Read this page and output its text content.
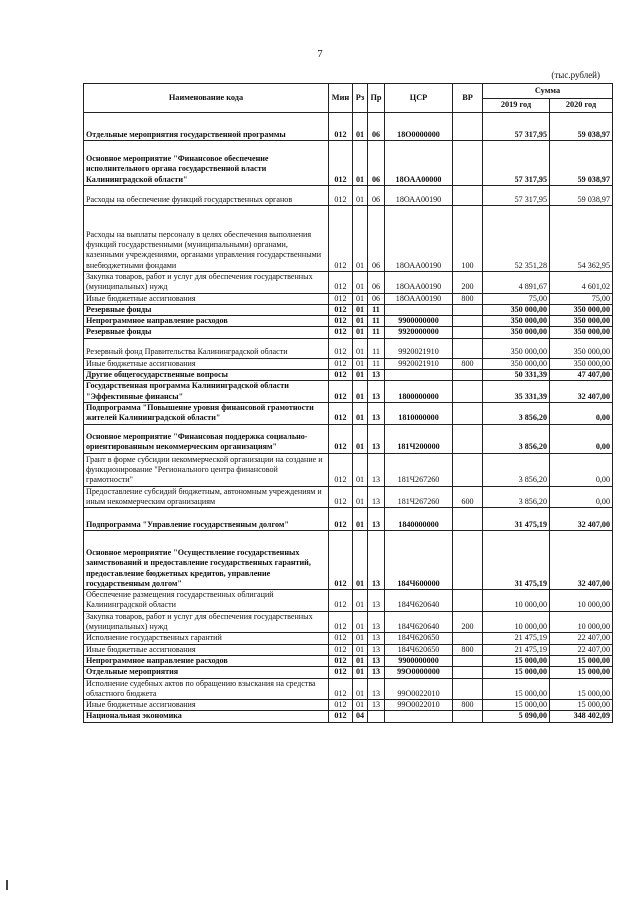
7
(тыс.рублей)
Наименование кода	Мин	Рз	Пр	ЦСР	ВР	Сумма	
						2019 год	2020 год
Отдельные мероприятия государственной программы	012	01	06	18О0000000		57 317,95	59 038,97
Основное мероприятие "Финансовое обеспечение исполнительного органа государственной власти Калининградской области"	012	01	06	18ОАА00000		57 317,95	59 038,97
Расходы на обеспечение функций государственных органов	012	01	06	18ОАА00190		57 317,95	59 038,97
Расходы на выплаты персоналу в целях обеспечения выполнения функций государственными (муниципальными) органами, казенными учреждениями, органами управления государственными внебюджетными фондами	012	01	06	18ОАА00190	100	52 351,28	54 362,95
Закупка товаров, работ и услуг для обеспечения государственных (муниципальных) нужд	012	01	06	18ОАА00190	200	4 891,67	4 601,02
Иные бюджетные ассигнования	012	01	06	18ОАА00190	800	75,00	75,00
Резервные фонды	012	01	11			350 000,00	350 000,00
Непрограммное направление расходов	012	01	11	9900000000		350 000,00	350 000,00
Резервные фонды	012	01	11	9920000000		350 000,00	350 000,00
Резервный фонд Правительства Калининградской области	012	01	11	9920021910		350 000,00	350 000,00
Иные бюджетные ассигнования	012	01	11	9920021910	800	350 000,00	350 000,00
Другие общегосударственные вопросы	012	01	13			50 331,39	47 407,00
Государственная программа Калининградской области "Эффективные финансы"	012	01	13	1800000000		35 331,39	32 407,00
Подпрограмма "Повышение уровня финансовой грамотности жителей Калининградской области"	012	01	13	1810000000		3 856,20	0,00
Основное мероприятие "Финансовая поддержка социально-ориентированным некоммерческим организациям"	012	01	13	181Ч200000		3 856,20	0,00
Грант в форме субсидии некоммерческой организации на создание и функционирование "Регионального центра финансовой грамотности"	012	01	13	181Ч267260		3 856,20	0,00
Предоставление субсидий бюджетным, автономным учреждениям и иным некоммерческим организациям	012	01	13	181Ч267260	600	3 856,20	0,00
Подпрограмма "Управление государственным долгом"	012	01	13	1840000000		31 475,19	32 407,00
Основное мероприятие "Осуществление государственных заимствований и предоставление государственных гарантий, предоставление бюджетных кредитов, управление государственным долгом"	012	01	13	184Ч600000		31 475,19	32 407,00
Обеспечение размещения государственных облигаций Калининградской области	012	01	13	184Ч620640		10 000,00	10 000,00
Закупка товаров, работ и услуг для обеспечения государственных (муниципальных) нужд	012	01	13	184Ч620640	200	10 000,00	10 000,00
Исполнение государственных гарантий	012	01	13	184Ч620650		21 475,19	22 407,00
Иные бюджетные ассигнования	012	01	13	184Ч620650	800	21 475,19	22 407,00
Непрограммное направление расходов	012	01	13	9900000000		15 000,00	15 000,00
Отдельные мероприятия	012	01	13	99О0000000		15 000,00	15 000,00
Исполнение судебных актов по обращению взыскания на средства областного бюджета	012	01	13	99О0022010		15 000,00	15 000,00
Иные бюджетные ассигнования	012	01	13	99О0022010	800	15 000,00	15 000,00
Национальная экономика	012	04				5 090,00	348 402,09
